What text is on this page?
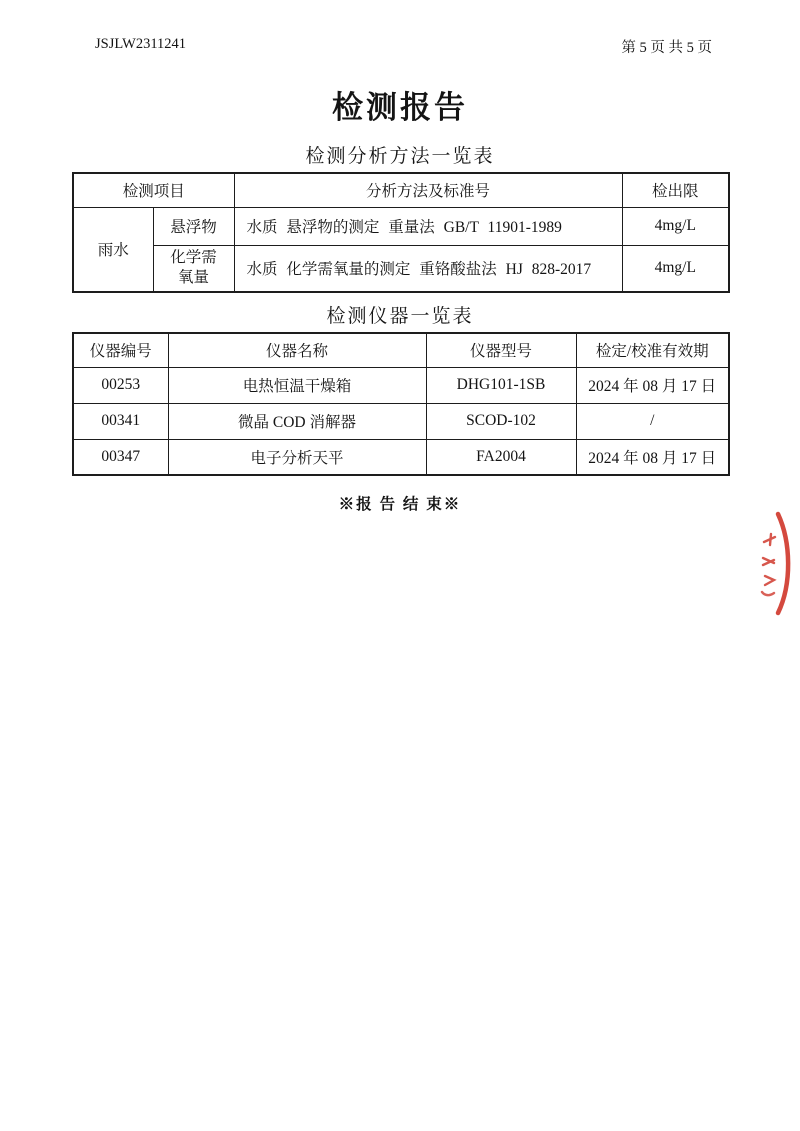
JSJLW2311241	第 5 页 共 5 页
检测报告
检测分析方法一览表
检测项目		分析方法及标准号	检出限
雨水	悬浮物	水质 悬浮物的测定 重量法 GB/T 11901-1989	4mg/L
	化学需氧量	水质 化学需氧量的测定 重铬酸盐法 HJ 828-2017	4mg/L
检测仪器一览表
仪器编号	仪器名称	仪器型号	检定/校准有效期
00253	电热恒温干燥箱	DHG101-1SB	2024 年 08 月 17 日
00341	微晶 COD 消解器	SCOD-102	/
00347	电子分析天平	FA2004	2024 年 08 月 17 日
※报 告 结 束※
